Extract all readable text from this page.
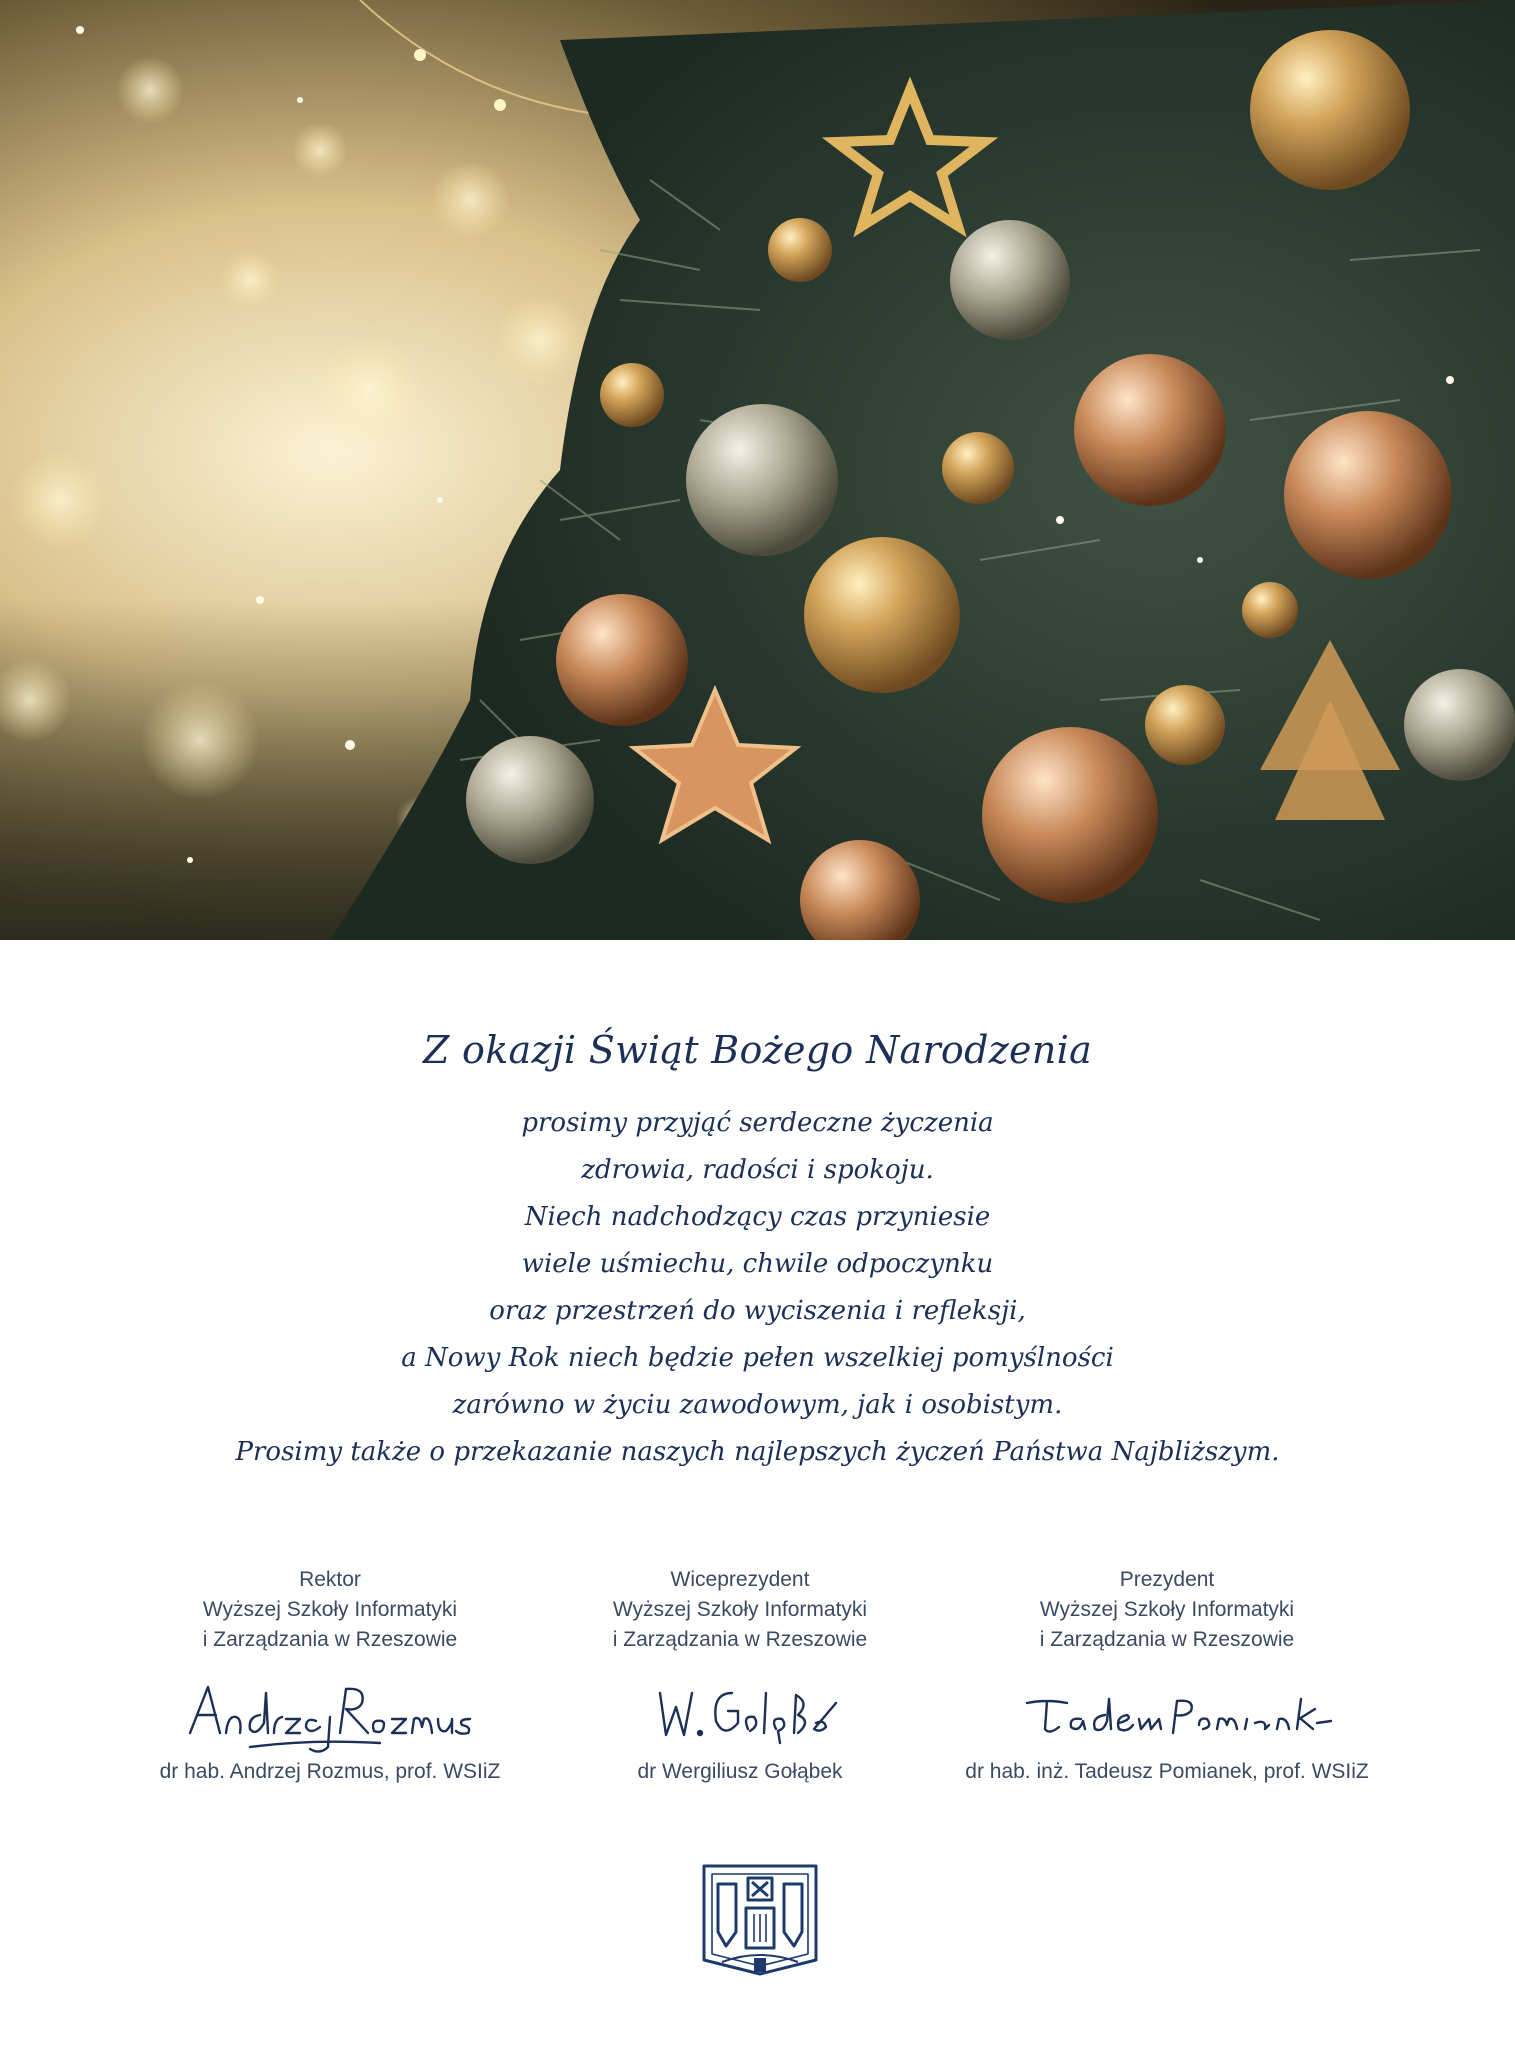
Z okazji Świąt Bożego Narodzenia

prosimy przyjąć serdeczne życzenia

zdrowia, radości i spokoju.

Niech nadchodzący czas przyniesie

wiele uśmiechu, chwile odpoczynku

oraz przestrzeń do wyciszenia i refleksji,

a Nowy Rok niech będzie pełen wszelkiej pomyślności

zarówno w życiu zawodowym, jak i osobistym.

Prosimy także o przekazanie naszych najlepszych życzeń Państwa Najbliższym.

Rektor
Wyższej Szkoły Informatyki
i Zarządzania w Rzeszowie
dr hab. Andrzej Rozmus, prof. WSIiZ
Wiceprezydent
Wyższej Szkoły Informatyki
i Zarządzania w Rzeszowie
dr Wergiliusz Gołąbek
Prezydent
Wyższej Szkoły Informatyki
i Zarządzania w Rzeszowie
dr hab. inż. Tadeusz Pomianek, prof. WSIiZ
